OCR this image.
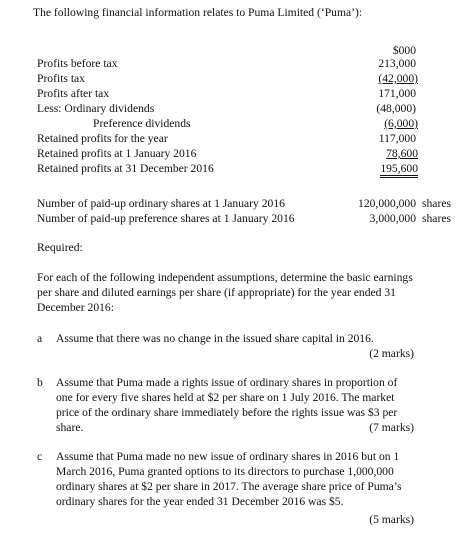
The following financial information relates to Puma Limited (‘Puma’):
$000
Profits before tax	213,000
Profits tax	(42,000)
Profits after tax	171,000
Less: Ordinary dividends	(48,000)
Preference dividends	(6,000)
Retained profits for the year	117,000
Retained profits at 1 January 2016	78,600
Retained profits at 31 December 2016	195,600
Number of paid-up ordinary shares at 1 January 2016	120,000,000 shares
Number of paid-up preference shares at 1 January 2016	3,000,000 shares
Required:
For each of the following independent assumptions, determine the basic earnings per share and diluted earnings per share (if appropriate) for the year ended 31 December 2016:
a Assume that there was no change in the issued share capital in 2016.
(2 marks)
b Assume that Puma made a rights issue of ordinary shares in proportion of one for every five shares held at $2 per share on 1 July 2016. The market price of the ordinary share immediately before the rights issue was $3 per share.	(7 marks)
c Assume that Puma made no new issue of ordinary shares in 2016 but on 1 March 2016, Puma granted options to its directors to purchase 1,000,000 ordinary shares at $2 per share in 2017. The average share price of Puma’s ordinary shares for the year ended 31 December 2016 was $5.
(5 marks)
